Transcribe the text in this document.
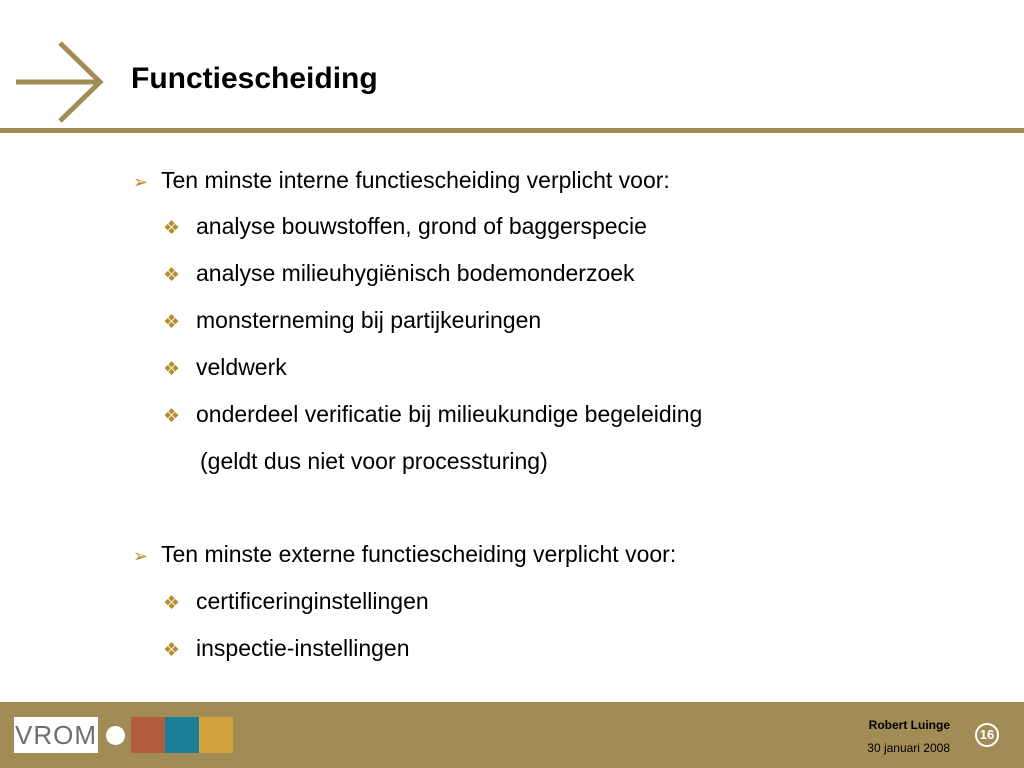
Functiescheiding
➢ Ten minste interne functiescheiding verplicht voor:
❖ analyse bouwstoffen, grond of baggerspecie
❖ analyse milieuhygiënisch bodemonderzoek
❖ monsterneming bij partijkeuringen
❖ veldwerk
❖ onderdeel verificatie bij milieukundige begeleiding
(geldt dus niet voor processturing)
➢ Ten minste externe functiescheiding verplicht voor:
❖ certificeringinstellingen
❖ inspectie-instellingen
VROM	Robert Luinge
30 januari 2008
16
